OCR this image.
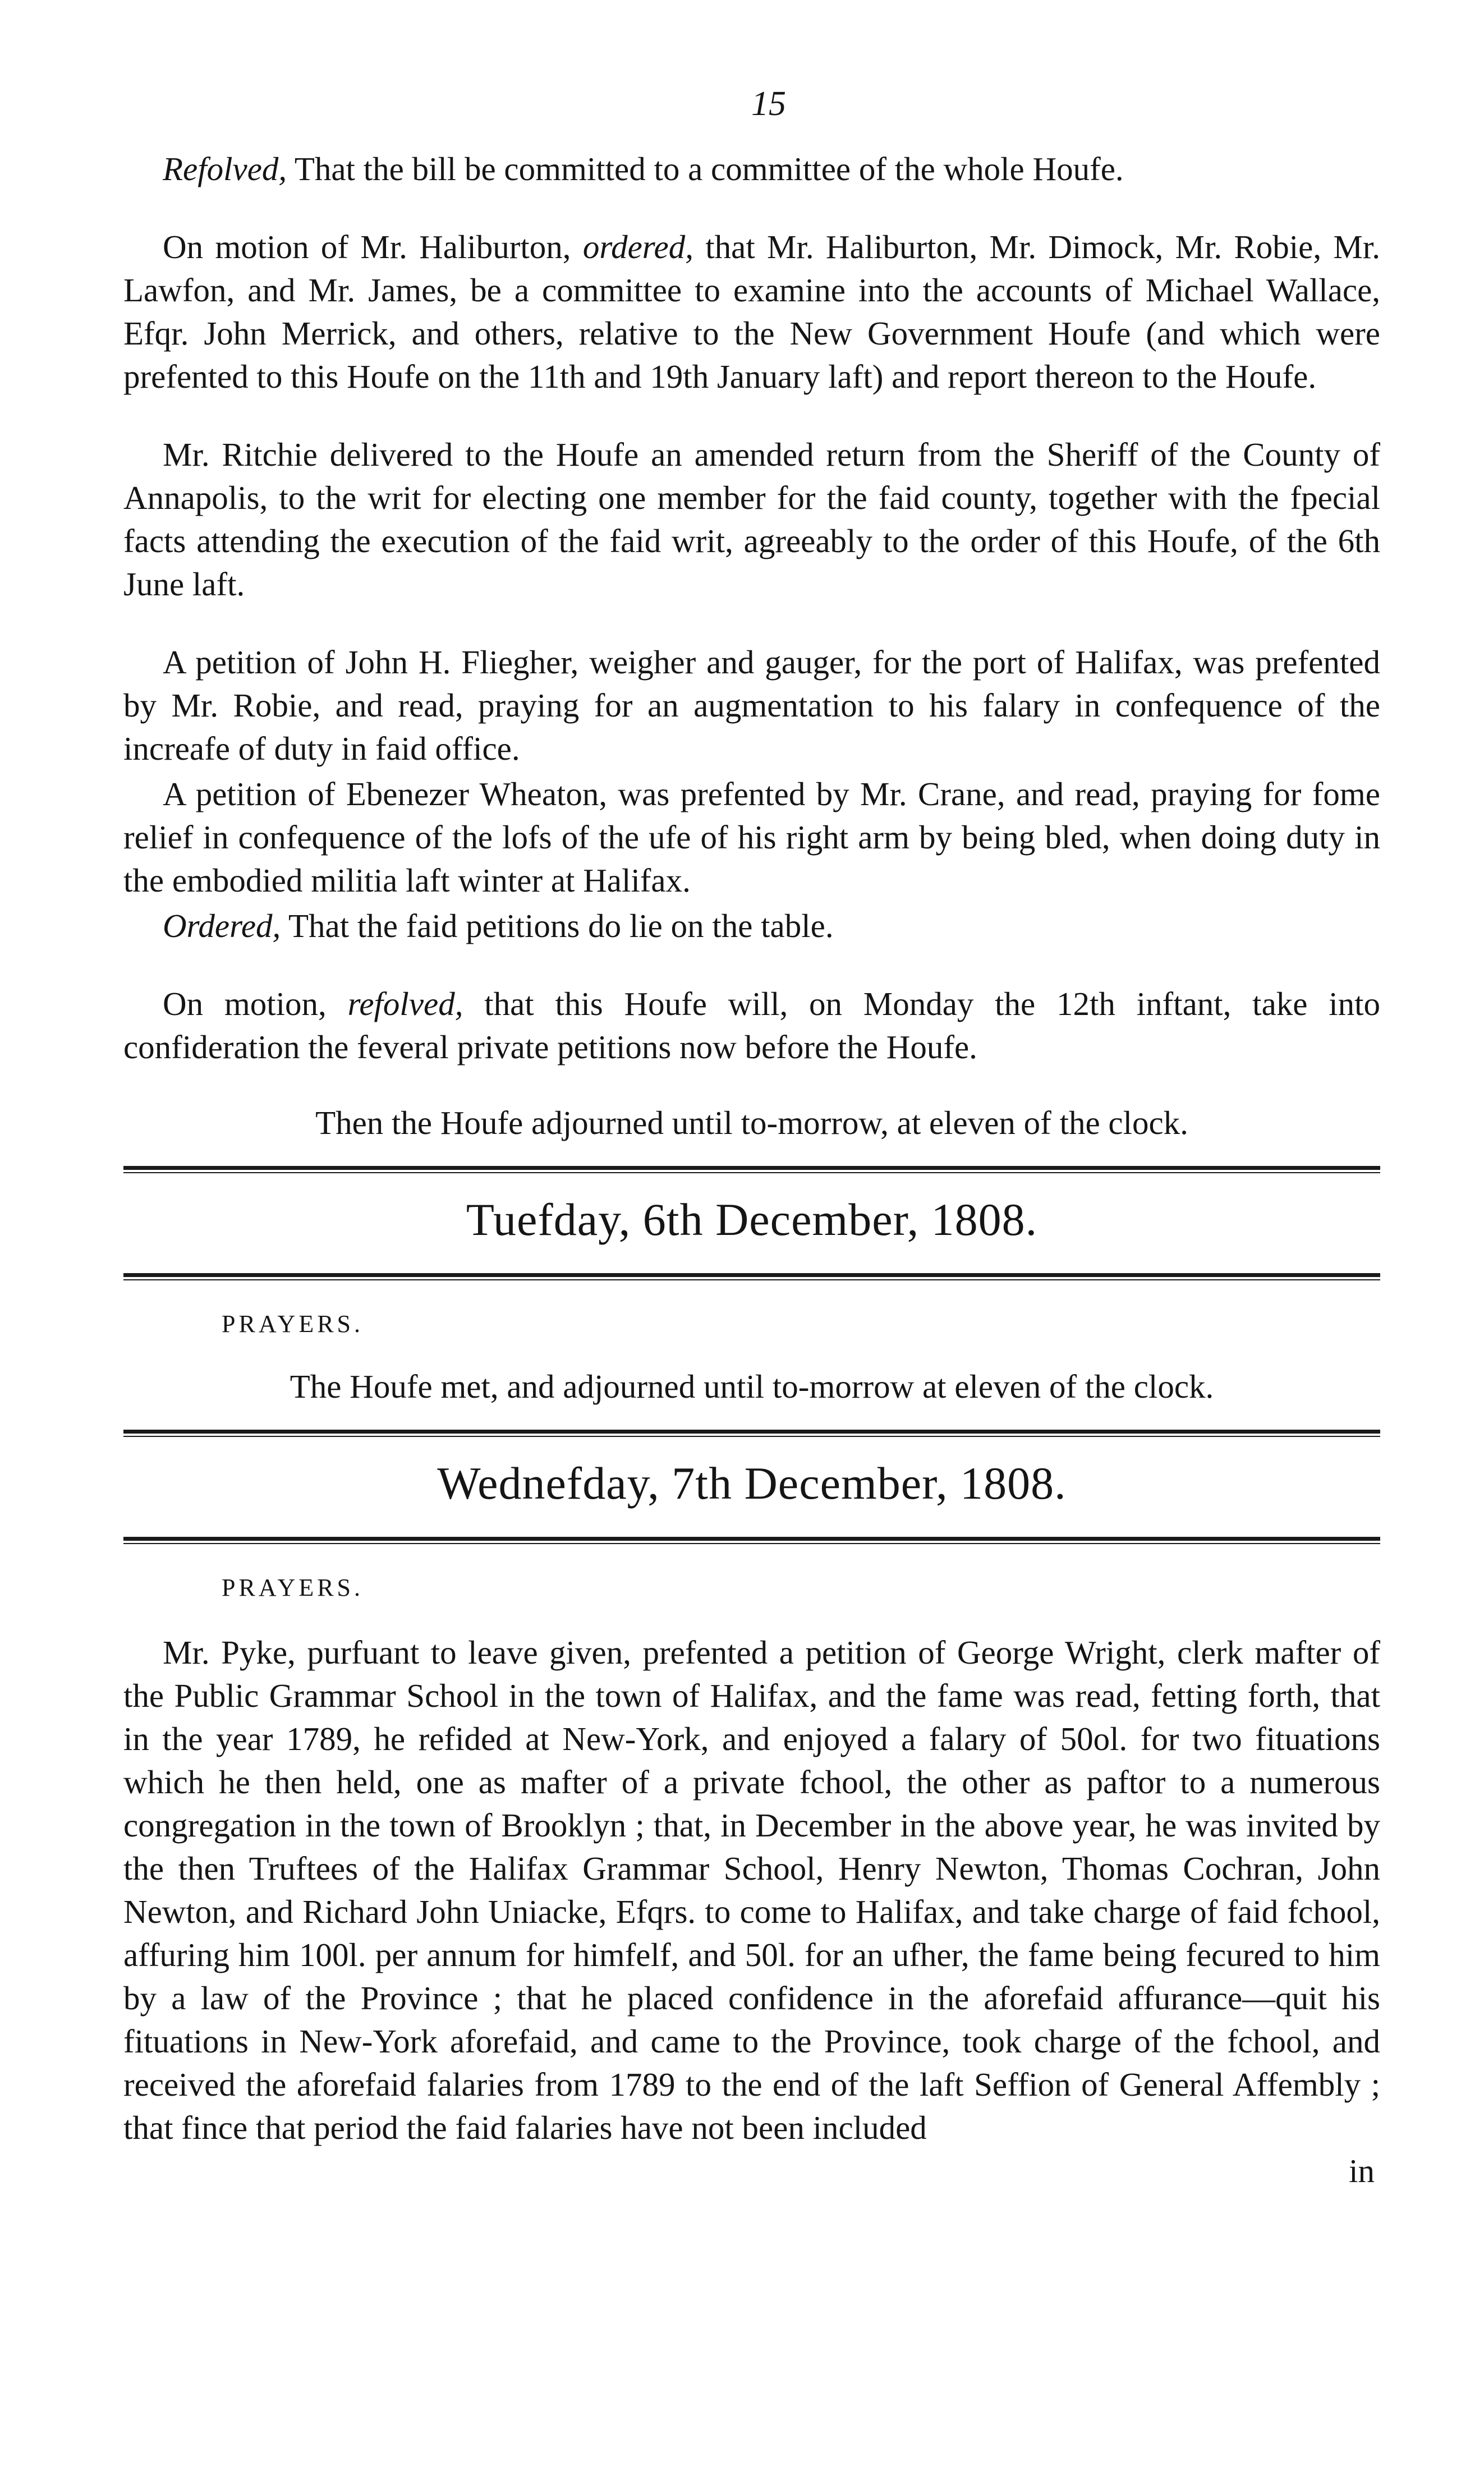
15

Refolved, That the bill be committed to a committee of the whole Houfe.

On motion of Mr. Haliburton, ordered, that Mr. Haliburton, Mr. Dimock, Mr. Robie, Mr. Lawfon, and Mr. James, be a committee to examine into the accounts of Michael Wallace, Efqr. John Merrick, and others, relative to the New Government Houfe (and which were prefented to this Houfe on the 11th and 19th January laft) and report thereon to the Houfe.

Mr. Ritchie delivered to the Houfe an amended return from the Sheriff of the County of Annapolis, to the writ for electing one member for the faid county, together with the fpecial facts attending the execution of the faid writ, agreeably to the order of this Houfe, of the 6th June laft.

A petition of John H. Fliegher, weigher and gauger, for the port of Halifax, was prefented by Mr. Robie, and read, praying for an augmentation to his falary in confequence of the increafe of duty in faid office.

A petition of Ebenezer Wheaton, was prefented by Mr. Crane, and read, praying for fome relief in confequence of the lofs of the ufe of his right arm by being bled, when doing duty in the embodied militia laft winter at Halifax.

Ordered, That the faid petitions do lie on the table.

On motion, refolved, that this Houfe will, on Monday the 12th inftant, take into confideration the feveral private petitions now before the Houfe.

Then the Houfe adjourned until to-morrow, at eleven of the clock.

Tuefday, 6th December, 1808.
PRAYERS.

The Houfe met, and adjourned until to-morrow at eleven of the clock.

Wednefday, 7th December, 1808.
PRAYERS.

Mr. Pyke, purfuant to leave given, prefented a petition of George Wright, clerk mafter of the Public Grammar School in the town of Halifax, and the fame was read, fetting forth, that in the year 1789, he refided at New-York, and enjoyed a falary of 50ol. for two fituations which he then held, one as mafter of a private fchool, the other as paftor to a numerous congregation in the town of Brooklyn ; that, in December in the above year, he was invited by the then Truftees of the Halifax Grammar School, Henry Newton, Thomas Cochran, John Newton, and Richard John Uniacke, Efqrs. to come to Halifax, and take charge of faid fchool, affuring him 100l. per annum for himfelf, and 50l. for an ufher, the fame being fecured to him by a law of the Province ; that he placed confidence in the aforefaid affurance—quit his fituations in New-York aforefaid, and came to the Province, took charge of the fchool, and received the aforefaid falaries from 1789 to the end of the laft Seffion of General Affembly ; that fince that period the faid falaries have not been included

in
